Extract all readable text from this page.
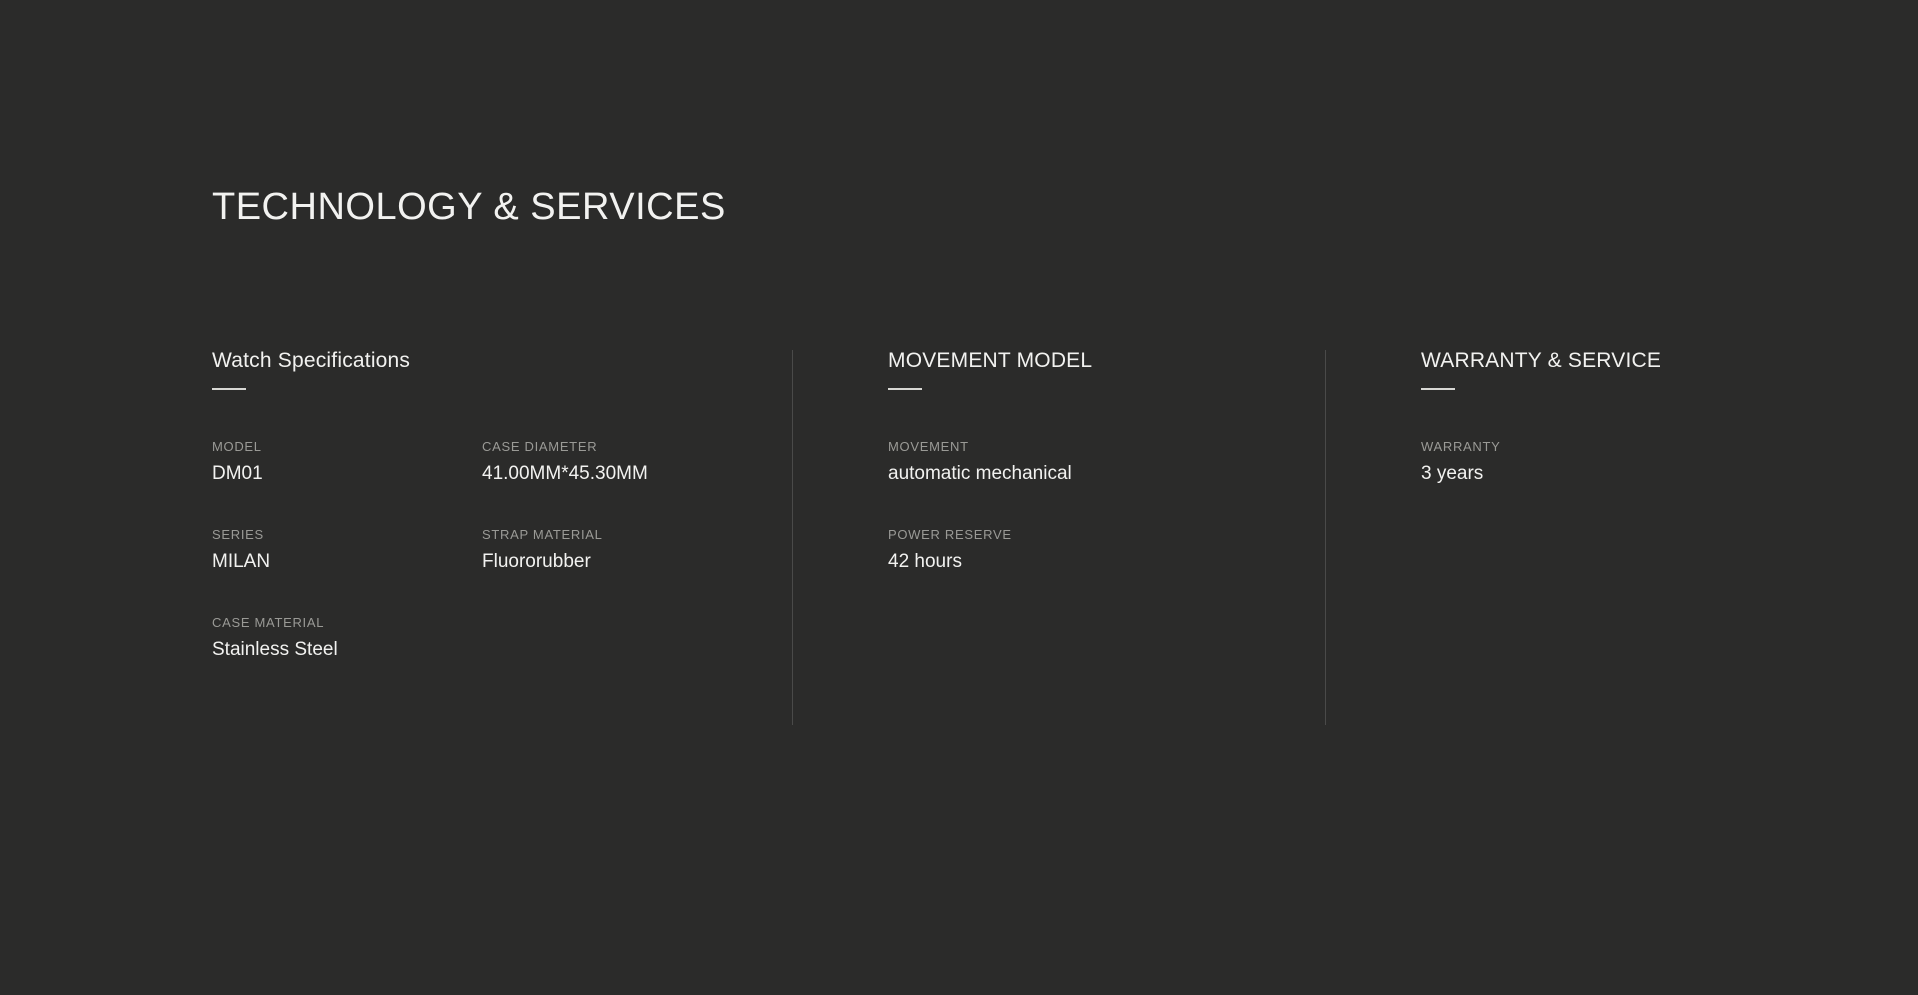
TECHNOLOGY & SERVICES
Watch Specifications
MODEL
DM01
CASE DIAMETER
41.00MM*45.30MM
SERIES
MILAN
STRAP MATERIAL
Fluororubber
CASE MATERIAL
Stainless Steel
MOVEMENT MODEL
MOVEMENT
automatic mechanical
POWER RESERVE
42 hours
WARRANTY & SERVICE
WARRANTY
3 years
